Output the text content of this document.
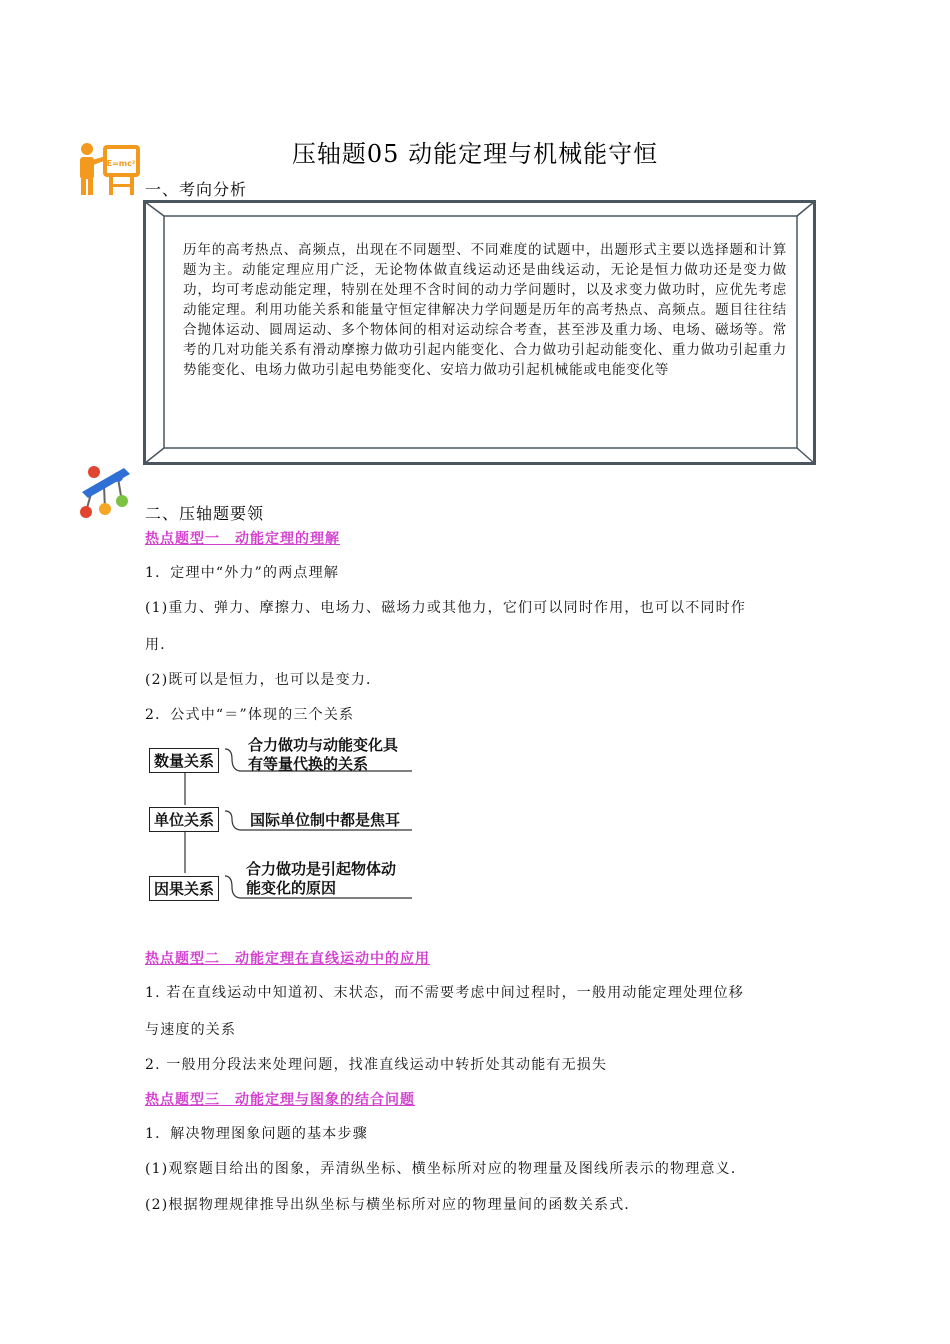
压轴题05 动能定理与机械能守恒
E=mc²
一、考向分析
历年的高考热点、高频点，出现在不同题型、不同难度的试题中，出题形式主要以选择题和计算题为主。动能定理应用广泛，无论物体做直线运动还是曲线运动，无论是恒力做功还是变力做功，均可考虑动能定理，特别在处理不含时间的动力学问题时，以及求变力做功时，应优先考虑动能定理。利用功能关系和能量守恒定律解决力学问题是历年的高考热点、高频点。题目往往结合抛体运动、圆周运动、多个物体间的相对运动综合考查，甚至涉及重力场、电场、磁场等。常考的几对功能关系有滑动摩擦力做功引起内能变化、合力做功引起动能变化、重力做功引起重力势能变化、电场力做功引起电势能变化、安培力做功引起机械能或电能变化等
二、压轴题要领
热点题型一　动能定理的理解
1．定理中“外力”的两点理解
(1)重力、弹力、摩擦力、电场力、磁场力或其他力，它们可以同时作用，也可以不同时作
用．
(2)既可以是恒力，也可以是变力．
2．公式中“＝”体现的三个关系
数量关系
合力做功与动能变化具
有等量代换的关系
单位关系	国际单位制中都是焦耳
因果关系
合力做功是引起物体动
能变化的原因
热点题型二　动能定理在直线运动中的应用
1. 若在直线运动中知道初、末状态，而不需要考虑中间过程时，一般用动能定理处理位移
与速度的关系
2. 一般用分段法来处理问题，找准直线运动中转折处其动能有无损失
热点题型三　动能定理与图象的结合问题
1．解决物理图象问题的基本步骤
(1)观察题目给出的图象，弄清纵坐标、横坐标所对应的物理量及图线所表示的物理意义．
(2)根据物理规律推导出纵坐标与横坐标所对应的物理量间的函数关系式．
